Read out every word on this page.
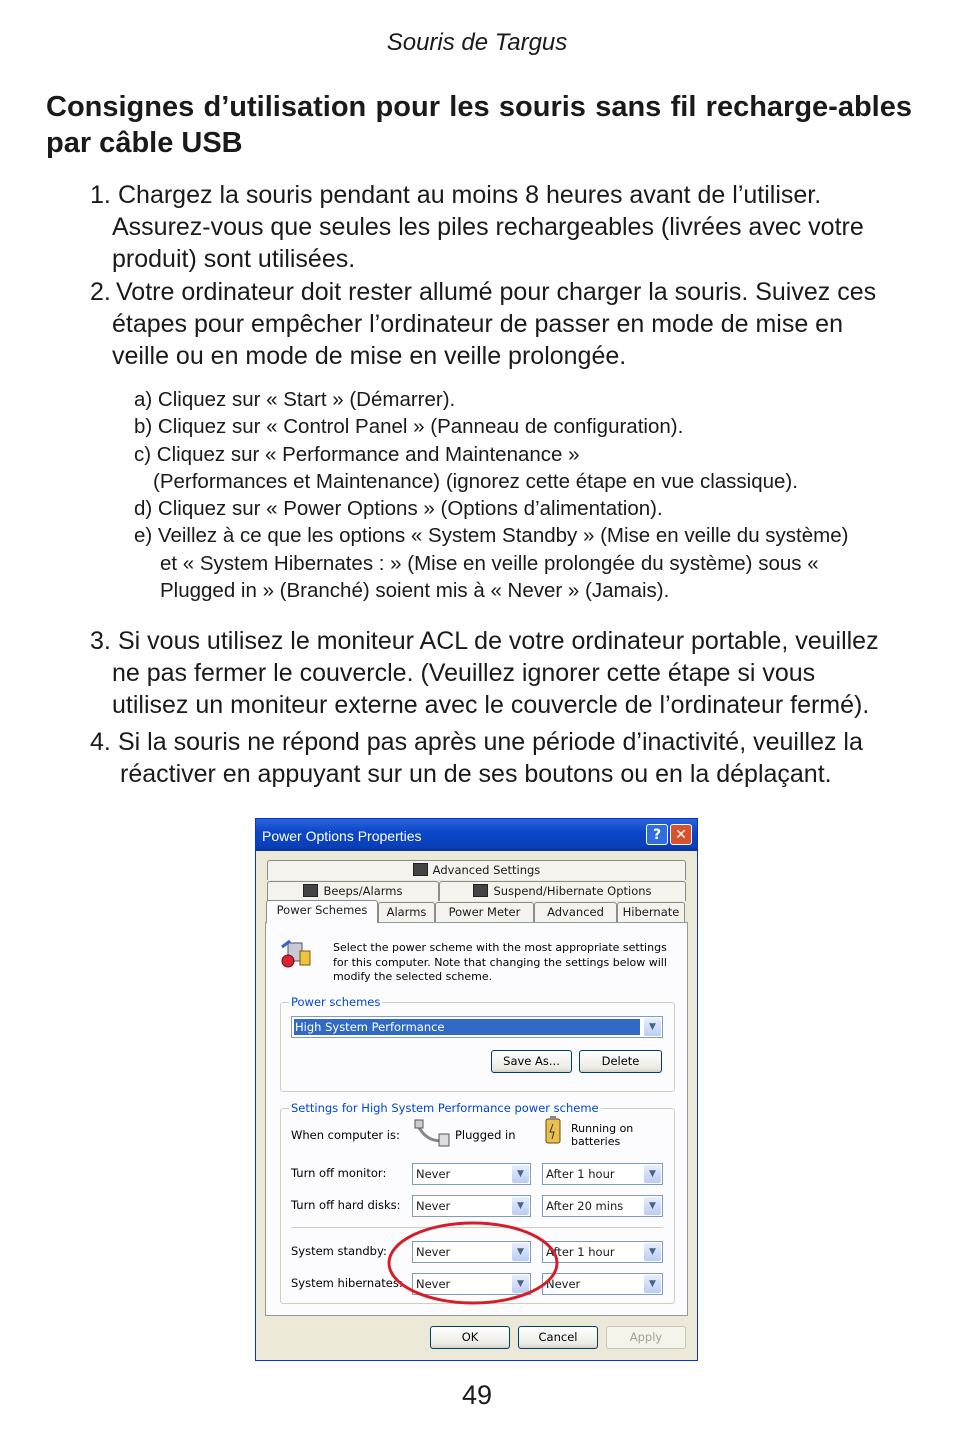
Souris de Targus
Consignes d’utilisation pour les souris sans fil recharge-ables par câble USB
1. Chargez la souris pendant au moins 8 heures avant de l’utiliser.
Assurez-vous que seules les piles rechargeables (livrées avec votre
produit) sont utilisées.
2. Votre ordinateur doit rester allumé pour charger la souris. Suivez ces
étapes pour empêcher l’ordinateur de passer en mode de mise en
veille ou en mode de mise en veille prolongée.
a) Cliquez sur « Start » (Démarrer).
b) Cliquez sur « Control Panel » (Panneau de configuration).
c) Cliquez sur « Performance and Maintenance »
(Performances et Maintenance) (ignorez cette étape en vue classique).
d) Cliquez sur « Power Options » (Options d’alimentation).
e) Veillez à ce que les options « System Standby » (Mise en veille du système)
et « System Hibernates : » (Mise en veille prolongée du système) sous «
Plugged in » (Branché) soient mis à « Never » (Jamais).
3. Si vous utilisez le moniteur ACL de votre ordinateur portable, veuillez
ne pas fermer le couvercle. (Veuillez ignorer cette étape si vous
utilisez un moniteur externe avec le couvercle de l’ordinateur fermé).
4. Si la souris ne répond pas après une période d’inactivité, veuillez la
réactiver en appuyant sur un de ses boutons ou en la déplaçant.
Power Options Properties	?	✕
Advanced Settings
Beeps/Alarms	Suspend/Hibernate Options
Power Schemes	Alarms	Power Meter	Advanced	Hibernate
Select the power scheme with the most appropriate settings for this computer. Note that changing the settings below will modify the selected scheme.
Power schemes
High System Performance	▼
Save As...	Delete
Settings for High System Performance power scheme
When computer is:	Plugged in	Running on batteries
Turn off monitor:	Never	▼	After 1 hour	▼
Turn off hard disks: Never	▼	After 20 mins	▼
System standby:	Never	▼	After 1 hour	▼
System hibernates: Never	▼	Never	▼
OK	Cancel	Apply
49
